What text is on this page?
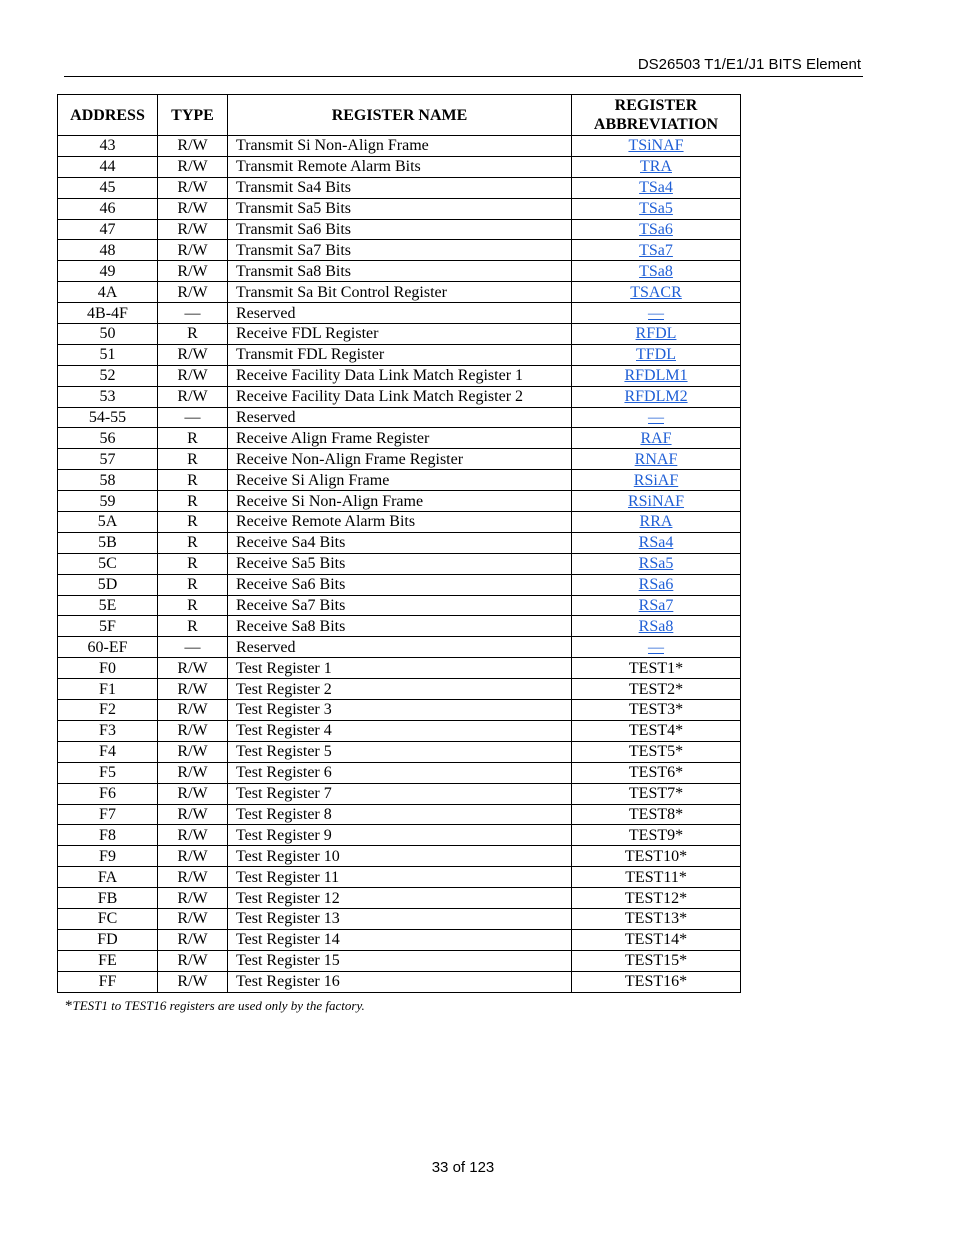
DS26503 T1/E1/J1 BITS Element
ADDRESS	TYPE	REGISTER NAME	REGISTER ABBREVIATION
43	R/W	Transmit Si Non-Align Frame	TSiNAF
44	R/W	Transmit Remote Alarm Bits	TRA
45	R/W	Transmit Sa4 Bits	TSa4
46	R/W	Transmit Sa5 Bits	TSa5
47	R/W	Transmit Sa6 Bits	TSa6
48	R/W	Transmit Sa7 Bits	TSa7
49	R/W	Transmit Sa8 Bits	TSa8
4A	R/W	Transmit Sa Bit Control Register	TSACR
4B-4F	—	Reserved	—
50	R	Receive FDL Register	RFDL
51	R/W	Transmit FDL Register	TFDL
52	R/W	Receive Facility Data Link Match Register 1	RFDLM1
53	R/W	Receive Facility Data Link Match Register 2	RFDLM2
54-55	—	Reserved	—
56	R	Receive Align Frame Register	RAF
57	R	Receive Non-Align Frame Register	RNAF
58	R	Receive Si Align Frame	RSiAF
59	R	Receive Si Non-Align Frame	RSiNAF
5A	R	Receive Remote Alarm Bits	RRA
5B	R	Receive Sa4 Bits	RSa4
5C	R	Receive Sa5 Bits	RSa5
5D	R	Receive Sa6 Bits	RSa6
5E	R	Receive Sa7 Bits	RSa7
5F	R	Receive Sa8 Bits	RSa8
60-EF	—	Reserved	—
F0	R/W	Test Register 1	TEST1*
F1	R/W	Test Register 2	TEST2*
F2	R/W	Test Register 3	TEST3*
F3	R/W	Test Register 4	TEST4*
F4	R/W	Test Register 5	TEST5*
F5	R/W	Test Register 6	TEST6*
F6	R/W	Test Register 7	TEST7*
F7	R/W	Test Register 8	TEST8*
F8	R/W	Test Register 9	TEST9*
F9	R/W	Test Register 10	TEST10*
FA	R/W	Test Register 11	TEST11*
FB	R/W	Test Register 12	TEST12*
FC	R/W	Test Register 13	TEST13*
FD	R/W	Test Register 14	TEST14*
FE	R/W	Test Register 15	TEST15*
FF	R/W	Test Register 16	TEST16*
*TEST1 to TEST16 registers are used only by the factory.
33 of 123
